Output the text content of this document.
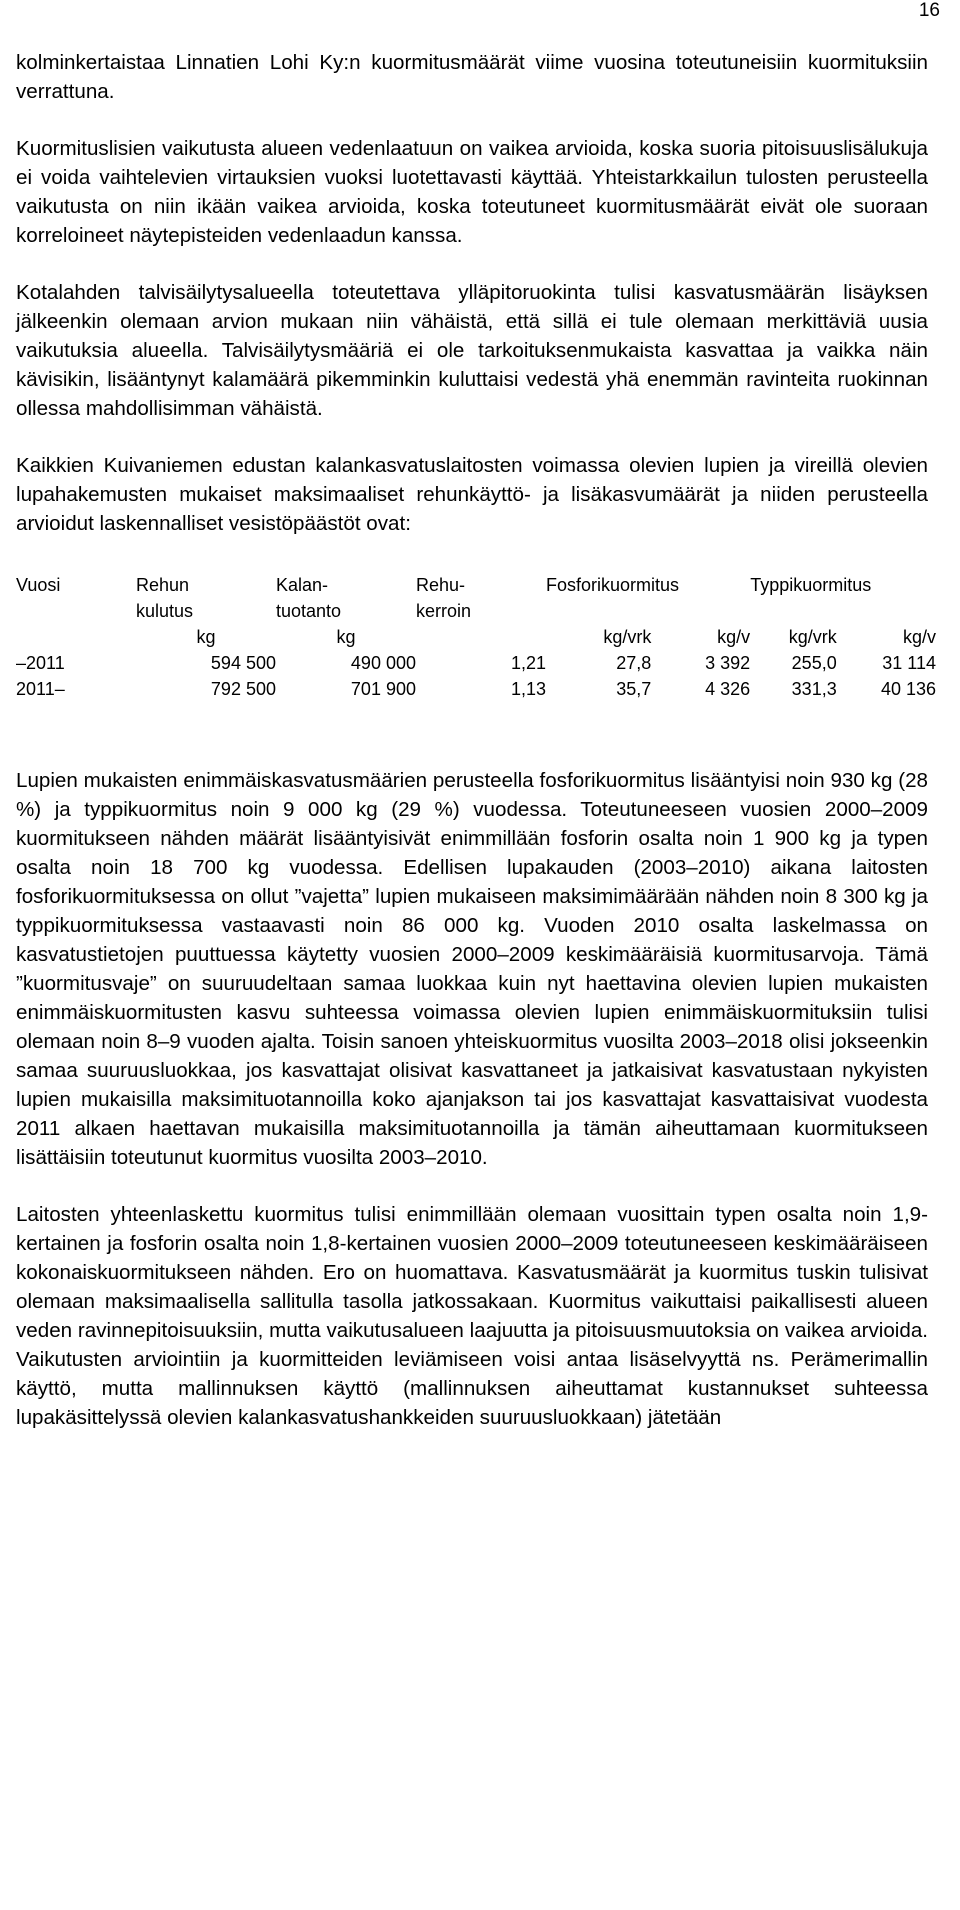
16

kolminkertaistaa Linnatien Lohi Ky:n kuormitusmäärät viime vuosina toteutuneisiin kuormituksiin verrattuna.

Kuormituslisien vaikutusta alueen vedenlaatuun on vaikea arvioida, koska suoria pitoisuuslisälukuja ei voida vaihtelevien virtauksien vuoksi luotettavasti käyttää. Yhteistarkkailun tulosten perusteella vaikutusta on niin ikään vaikea arvioida, koska toteutuneet kuormitusmäärät eivät ole suoraan korreloineet näytepisteiden vedenlaadun kanssa.

Kotalahden talvisäilytysalueella toteutettava ylläpitoruokinta tulisi kasvatusmäärän lisäyksen jälkeenkin olemaan arvion mukaan niin vähäistä, että sillä ei tule olemaan merkittäviä uusia vaikutuksia alueella. Talvisäilytysmääriä ei ole tarkoituksenmukaista kasvattaa ja vaikka näin kävisikin, lisääntynyt kalamäärä pikemminkin kuluttaisi vedestä yhä enemmän ravinteita ruokinnan ollessa mahdollisimman vähäistä.

Kaikkien Kuivaniemen edustan kalankasvatuslaitosten voimassa olevien lupien ja vireillä olevien lupahakemusten mukaiset maksimaaliset rehunkäyttö- ja lisäkasvumäärät ja niiden perusteella arvioidut laskennalliset vesistöpäästöt ovat:

Vuosi	Rehun	Kalan-	Rehu-	Fosforikuormitus		Typpikuormitus	
	kulutus	tuotanto	kerroin				
	kg	kg		kg/vrk	kg/v	kg/vrk	kg/v
–2011	594 500	490 000	1,21	27,8	3 392	255,0	31 114
2011–	792 500	701 900	1,13	35,7	4 326	331,3	40 136

Lupien mukaisten enimmäiskasvatusmäärien perusteella fosforikuormitus lisääntyisi noin 930 kg (28 %) ja typpikuormitus noin 9 000 kg (29 %) vuodessa. Toteutuneeseen vuosien 2000–2009 kuormitukseen nähden määrät lisääntyisivät enimmillään fosforin osalta noin 1 900 kg ja typen osalta noin 18 700 kg vuodessa. Edellisen lupakauden (2003–2010) aikana laitosten fosforikuormituksessa on ollut ”vajetta” lupien mukaiseen maksimimäärään nähden noin 8 300 kg ja typpikuormituksessa vastaavasti noin 86 000 kg. Vuoden 2010 osalta laskelmassa on kasvatustietojen puuttuessa käytetty vuosien 2000–2009 keskimääräisiä kuormitusarvoja. Tämä ”kuormitusvaje” on suuruudeltaan samaa luokkaa kuin nyt haettavina olevien lupien mukaisten enimmäiskuormitusten kasvu suhteessa voimassa olevien lupien enimmäiskuormituksiin tulisi olemaan noin 8–9 vuoden ajalta. Toisin sanoen yhteiskuormitus vuosilta 2003–2018 olisi jokseenkin samaa suuruusluokkaa, jos kasvattajat olisivat kasvattaneet ja jatkaisivat kasvatustaan nykyisten lupien mukaisilla maksimituotannoilla koko ajanjakson tai jos kasvattajat kasvattaisivat vuodesta 2011 alkaen haettavan mukaisilla maksimituotannoilla ja tämän aiheuttamaan kuormitukseen lisättäisiin toteutunut kuormitus vuosilta 2003–2010.

Laitosten yhteenlaskettu kuormitus tulisi enimmillään olemaan vuosittain typen osalta noin 1,9-kertainen ja fosforin osalta noin 1,8-kertainen vuosien 2000–2009 toteutuneeseen keskimääräiseen kokonaiskuormitukseen nähden. Ero on huomattava. Kasvatusmäärät ja kuormitus tuskin tulisivat olemaan maksimaalisella sallitulla tasolla jatkossakaan. Kuormitus vaikuttaisi paikallisesti alueen veden ravinnepitoisuuksiin, mutta vaikutusalueen laajuutta ja pitoisuusmuutoksia on vaikea arvioida. Vaikutusten arviointiin ja kuormitteiden leviämiseen voisi antaa lisäselvyyttä ns. Perämerimallin käyttö, mutta mallinnuksen käyttö (mallinnuksen aiheuttamat kustannukset suhteessa lupakäsittelyssä olevien kalankasvatushankkeiden suuruusluokkaan) jätetään
